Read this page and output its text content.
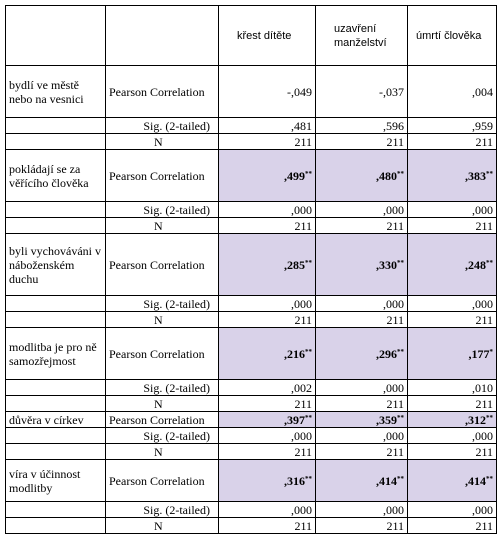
		křest dítěte	uzavření manželství	úmrtí člověka
bydlí ve městě nebo na vesnici	Pearson Correlation	-,049	-,037	,004
	Sig. (2-tailed)	,481	,596	,959
	N	211	211	211
pokládají se za věřícího člověka	Pearson Correlation	,499**	,480**	,383**
	Sig. (2-tailed)	,000	,000	,000
	N	211	211	211
byli vychováváni v náboženském duchu	Pearson Correlation	,285**	,330**	,248**
	Sig. (2-tailed)	,000	,000	,000
	N	211	211	211
modlitba je pro ně samozřejmost	Pearson Correlation	,216**	,296**	,177*
	Sig. (2-tailed)	,002	,000	,010
	N	211	211	211
důvěra v církev	Pearson Correlation	,397**	,359**	,312**
	Sig. (2-tailed)	,000	,000	,000
	N	211	211	211
víra v účinnost modlitby	Pearson Correlation	,316**	,414**	,414**
	Sig. (2-tailed)	,000	,000	,000
	N	211	211	211
